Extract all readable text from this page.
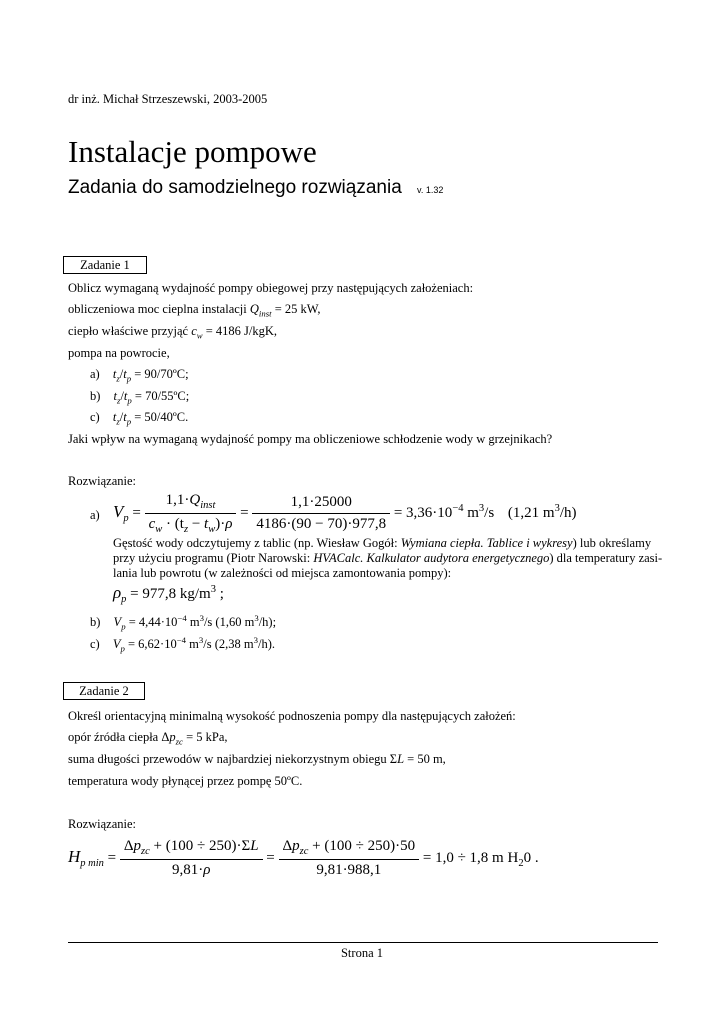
dr inż. Michał Strzeszewski, 2003-2005
Instalacje pompowe
Zadania do samodzielnego rozwiązania v. 1.32
Zadanie 1
Oblicz wymaganą wydajność pompy obiegowej przy następujących założeniach:
obliczeniowa moc cieplna instalacji $Q_{inst} = 25$ kW,
ciepło właściwe przyjąć $c_w = 4186$ J/kgK,
pompa na powrocie,
a) $t_z/t_p$ = 90/70ºC;
b) $t_z/t_p$ = 70/55ºC;
c) $t_z/t_p$ = 50/40ºC.
Jaki wpływ na wymaganą wydajność pompy ma obliczeniowe schłodzenie wody w grzejnikach?
Rozwiązanie:
a) $V_p = \frac{1,1\cdot Q_{inst}}{c_w \cdot (t_z - t_w)\cdot\rho} = \frac{1,1\cdot 25000}{4186\cdot(90 - 70)\cdot 977,8} = 3,36\cdot 10^{-4}$ $m^3/s$ (1,21 $m^3/h$)
Gęstość wody odczytujemy z tablic (np. Wiesław Gogół: Wymiana ciepła. Tablice i wykresy) lub określamy
przy użyciu programu (Piotr Narowski: HVACalc. Kalkulator audytora energetycznego) dla temperatury zasi-
lania lub powrotu (w zależności od miejsca zamontowania pompy):
$\rho_p = 977,8$ $kg/m^3$ ;
b) $V_p = 4,44\cdot 10^{-4}$ $m^3/s$ (1,60 $m^3/h$);
c) $V_p = 6,62\cdot 10^{-4}$ $m^3/s$ (2,38 $m^3/h$).
Zadanie 2
Określ orientacyjną minimalną wysokość podnoszenia pompy dla następujących założeń:
opór źródła ciepła $\Delta p_{zc} = 5$ kPa,
suma długości przewodów w najbardziej niekorzystnym obiegu ΣL = 50 m,
temperatura wody płynącej przez pompę 50ºC.
Rozwiązanie:
$H_{p min} = \frac{\Delta p_{zc} + (100 \div 250)\cdot\Sigma L}{9,81\cdot\rho} = \frac{\Delta p_{zc} + (100 \div 250)\cdot 50}{9,81\cdot 988,1} = 1,0 \div 1,8$ m $H_20$ .
Strona 1
